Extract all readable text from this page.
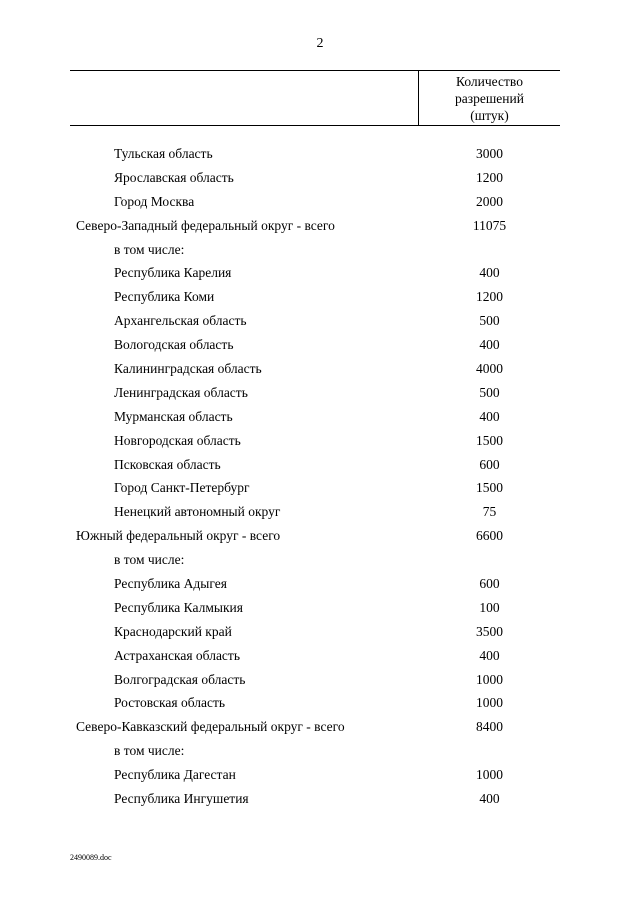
2
Количество
разрешений
(штук)
Тульская область	3000
Ярославская область	1200
Город Москва	2000
Северо-Западный федеральный округ - всего	11075
в том числе:
Республика Карелия	400
Республика Коми	1200
Архангельская область	500
Вологодская область	400
Калининградская область	4000
Ленинградская область	500
Мурманская область	400
Новгородская область	1500
Псковская область	600
Город Санкт-Петербург	1500
Ненецкий автономный округ	75
Южный федеральный округ - всего	6600
в том числе:
Республика Адыгея	600
Республика Калмыкия	100
Краснодарский край	3500
Астраханская область	400
Волгоградская область	1000
Ростовская область	1000
Северо-Кавказский федеральный округ - всего	8400
в том числе:
Республика Дагестан	1000
Республика Ингушетия	400
2490089.doc
